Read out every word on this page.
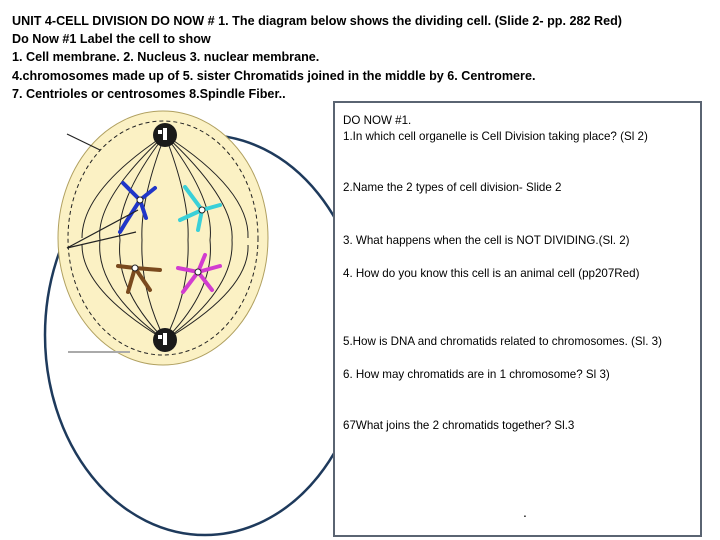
UNIT 4-CELL DIVISION DO NOW # 1. The diagram below shows the dividing cell. (Slide 2- pp. 282 Red)
Do Now #1 Label the cell to show
1. Cell membrane. 2. Nucleus 3. nuclear membrane.
4.chromosomes made up of 5. sister Chromatids joined in the middle by 6. Centromere.
7. Centrioles or centrosomes 8.Spindle Fiber..
DO NOW #1.
1.In which cell organelle is Cell Division taking place? (Sl 2)
2.Name the 2 types of cell division- Slide 2
3. What happens when the cell is NOT DIVIDING.(Sl. 2)
4. How do you know this cell is an animal cell (pp207Red)
5.How is DNA and chromatids related to chromosomes. (Sl. 3)
6. How may chromatids are in 1 chromosome? Sl 3)
67What joins the 2 chromatids together? Sl.3
.
